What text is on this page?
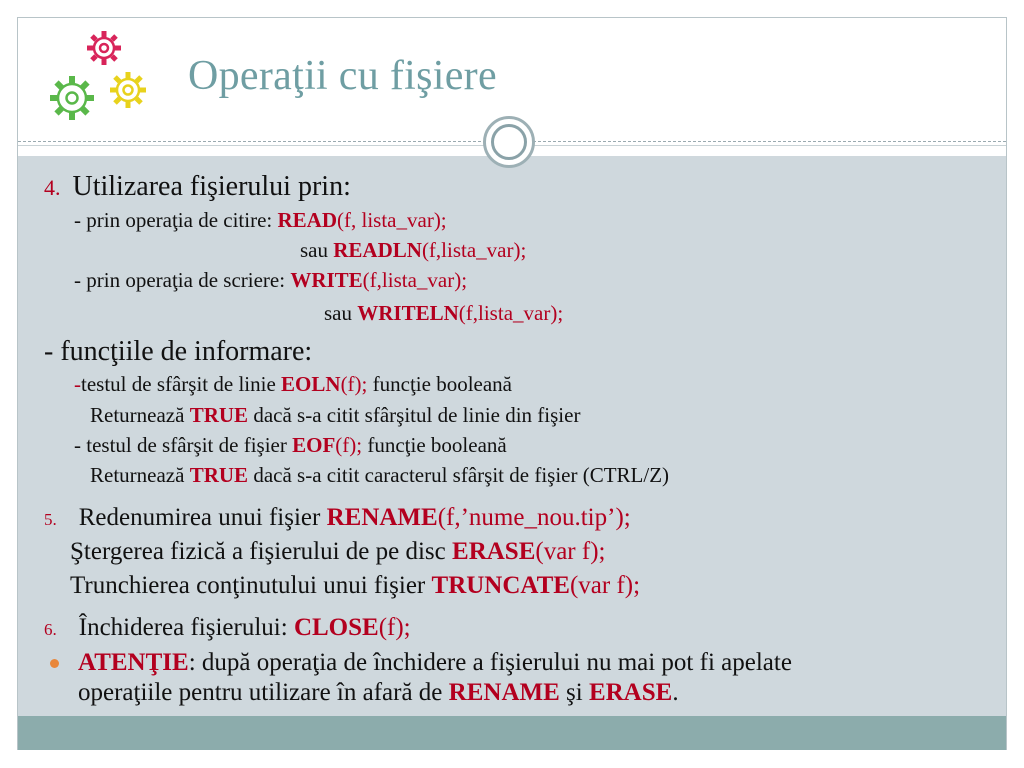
Operaţii cu fişiere
4. Utilizarea fişierului prin:
- prin operaţia de citire: READ(f, lista_var);
sau READLN(f,lista_var);
- prin operaţia de scriere: WRITE(f,lista_var);
sau WRITELN(f,lista_var);
- funcţiile de informare:
-testul de sfârşit de linie EOLN(f); funcţie booleană
Returnează TRUE dacă s-a citit sfârşitul de linie din fişier
- testul de sfârşit de fişier EOF(f); funcţie booleană
Returnează TRUE dacă s-a citit caracterul sfârşit de fişier (CTRL/Z)
5. Redenumirea unui fişier RENAME(f,’nume_nou.tip’);
Ştergerea fizică a fişierului de pe disc ERASE(var f);
Trunchierea conţinutului unui fişier TRUNCATE(var f);
6. Închiderea fişierului: CLOSE(f);
ATENŢIE: după operaţia de închidere a fişierului nu mai pot fi apelate
operaţiile pentru utilizare în afară de RENAME şi ERASE.
